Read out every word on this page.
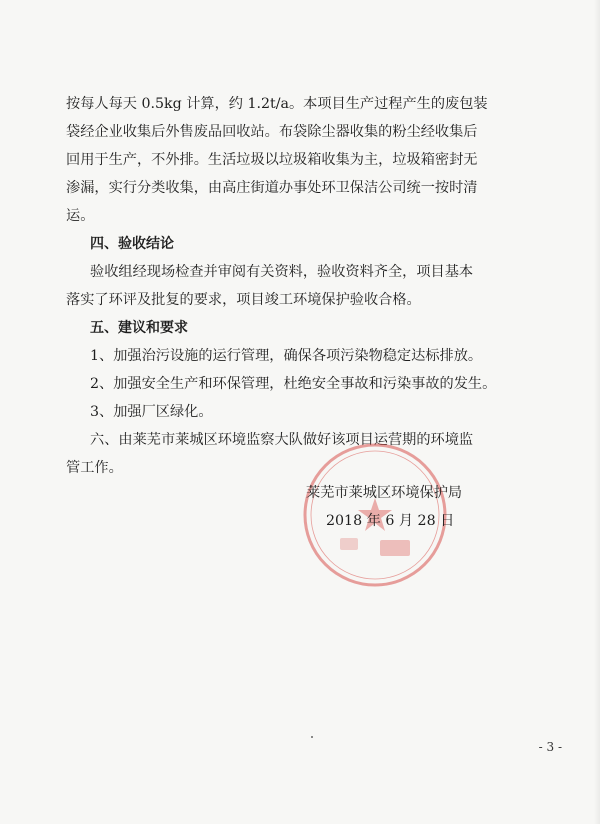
按每人每天 0.5kg 计算，约 1.2t/a。本项目生产过程产生的废包装
袋经企业收集后外售废品回收站。布袋除尘器收集的粉尘经收集后
回用于生产，不外排。生活垃圾以垃圾箱收集为主，垃圾箱密封无
渗漏，实行分类收集，由高庄街道办事处环卫保洁公司统一按时清
运。
四、验收结论
验收组经现场检查并审阅有关资料，验收资料齐全，项目基本
落实了环评及批复的要求，项目竣工环境保护验收合格。
五、建议和要求
1、加强治污设施的运行管理，确保各项污染物稳定达标排放。
2、加强安全生产和环保管理，杜绝安全事故和污染事故的发生。
3、加强厂区绿化。
六、由莱芜市莱城区环境监察大队做好该项目运营期的环境监
管工作。
莱芜市莱城区环境保护局
2018 年 6 月 28 日
- 3 -
